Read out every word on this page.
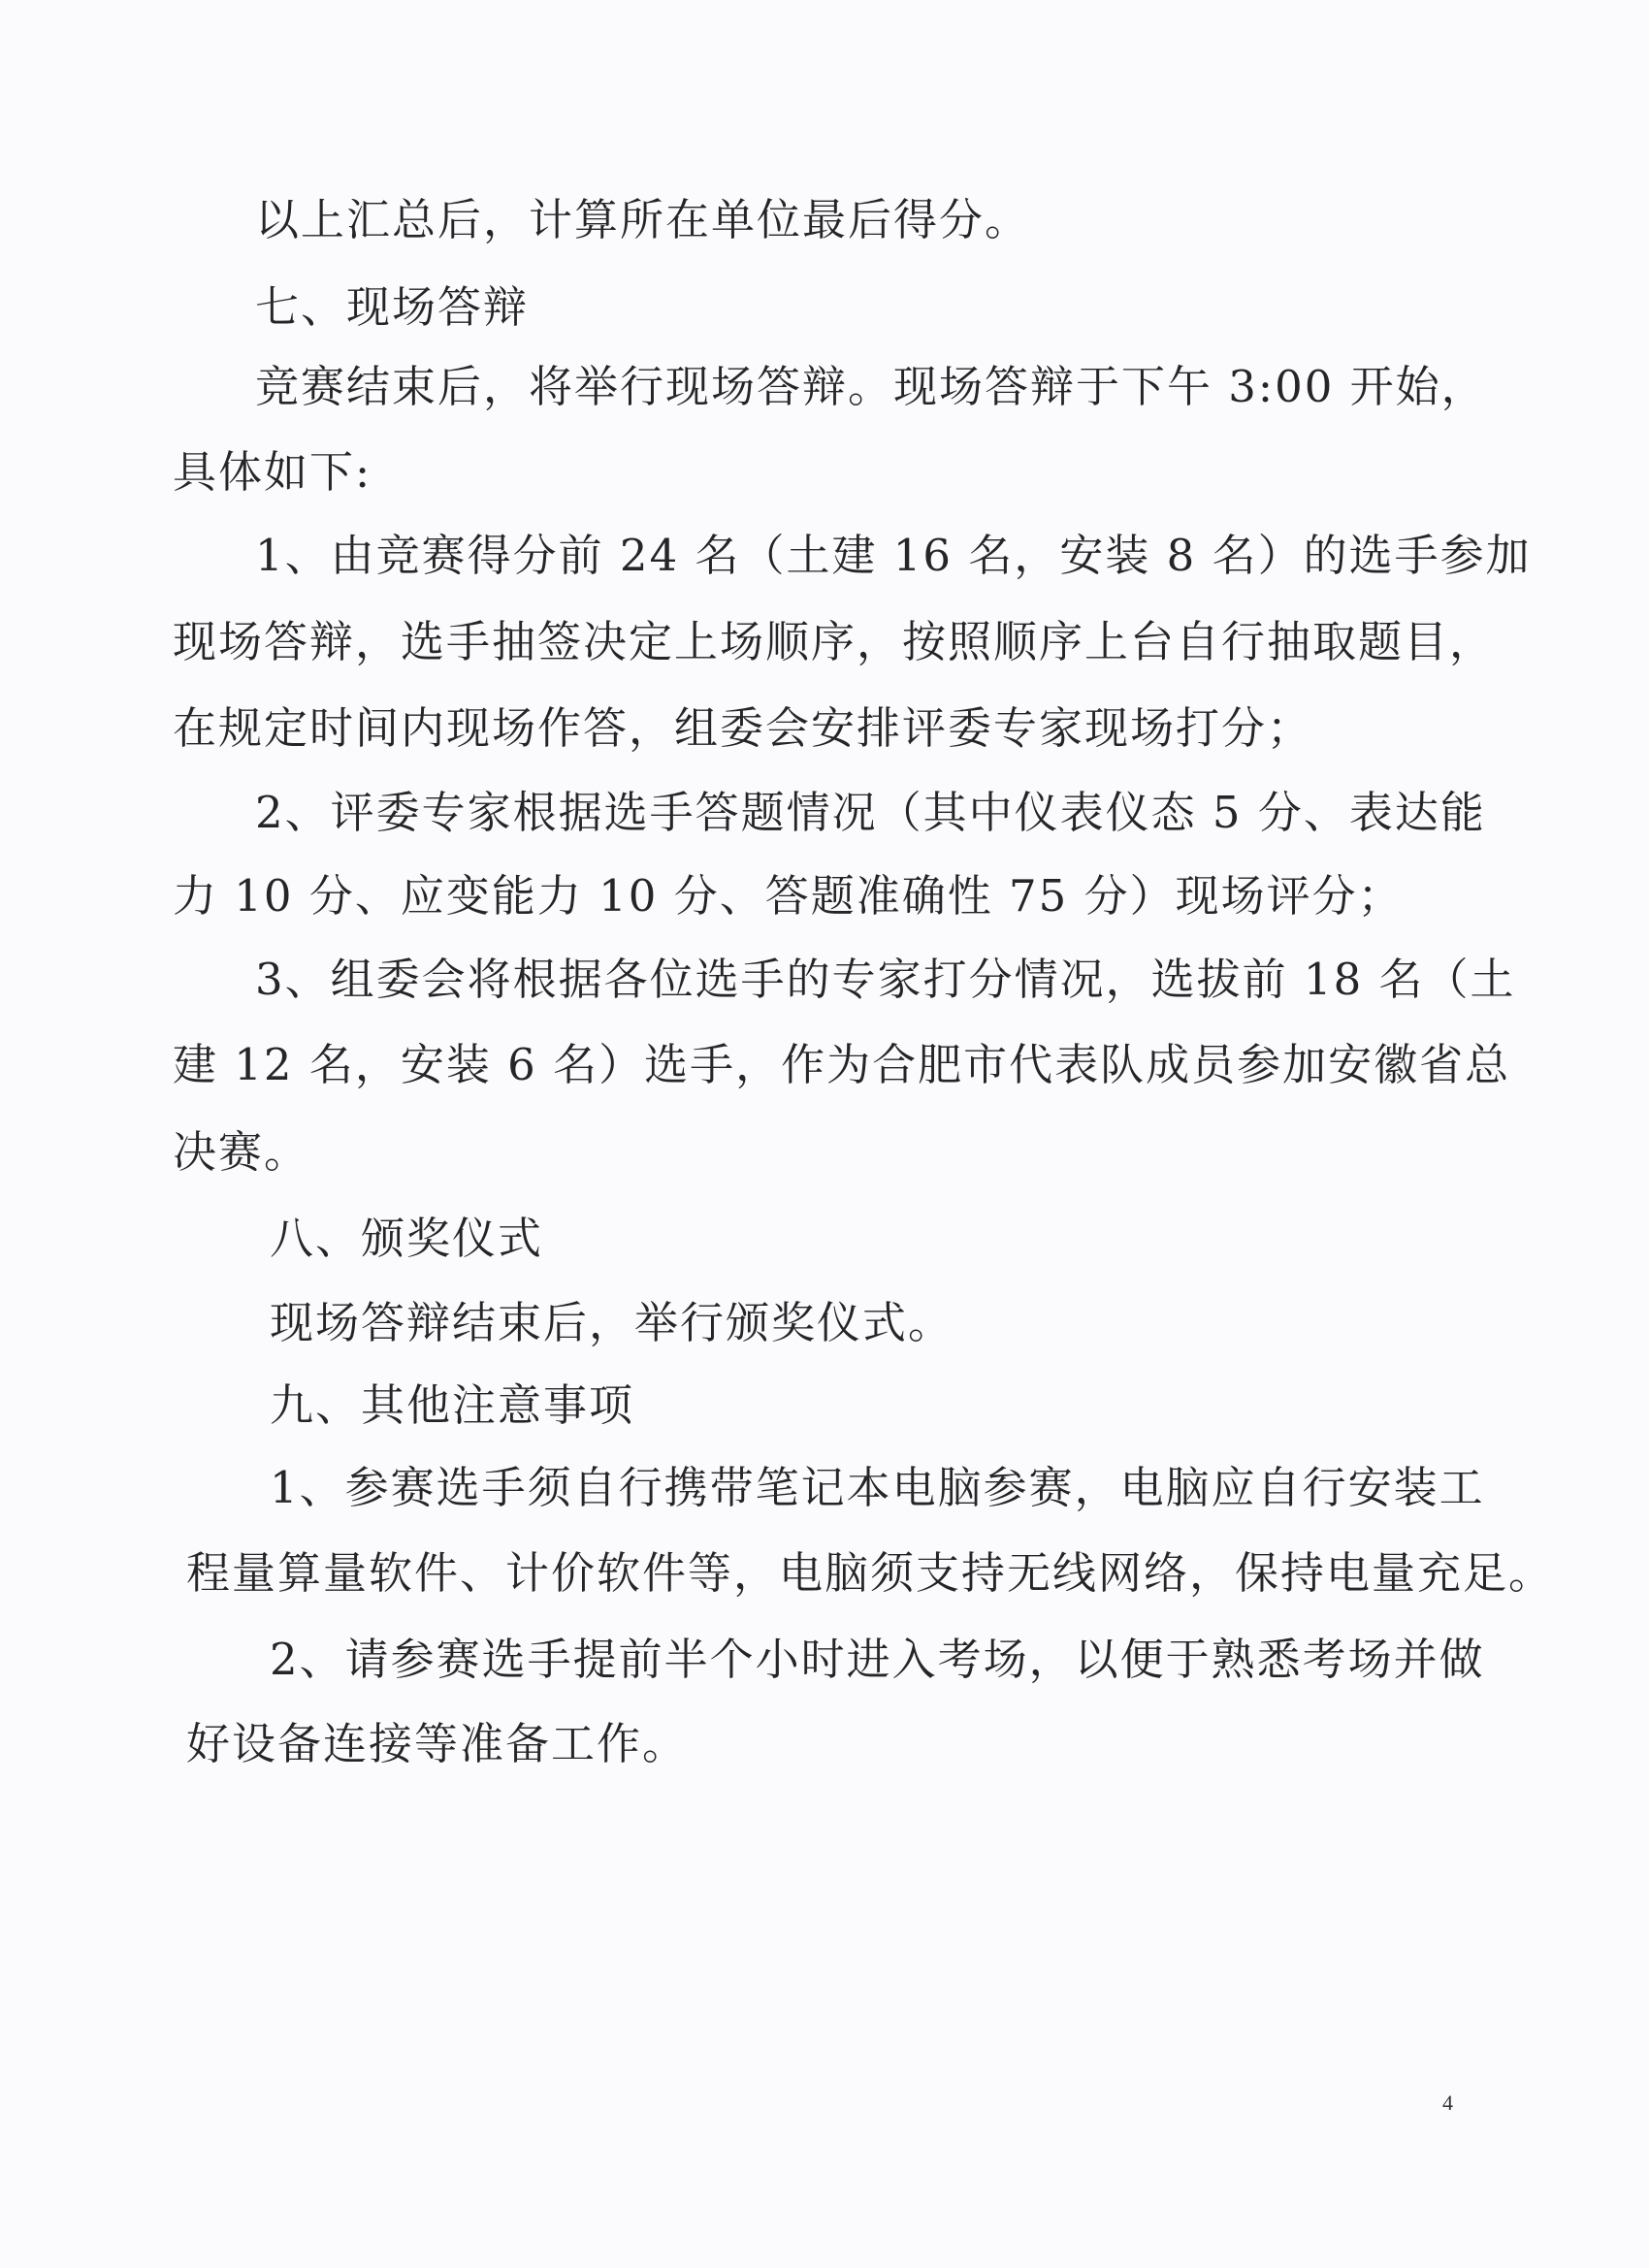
以上汇总后，计算所在单位最后得分。
七、现场答辩
竞赛结束后，将举行现场答辩。现场答辩于下午 3:00 开始，
具体如下:
1、由竞赛得分前 24 名（土建 16 名，安装 8 名）的选手参加
现场答辩，选手抽签决定上场顺序，按照顺序上台自行抽取题目，
在规定时间内现场作答，组委会安排评委专家现场打分；
2、评委专家根据选手答题情况（其中仪表仪态 5 分、表达能
力 10 分、应变能力 10 分、答题准确性 75 分）现场评分；
3、组委会将根据各位选手的专家打分情况，选拔前 18 名（土
建 12 名，安装 6 名）选手，作为合肥市代表队成员参加安徽省总
决赛。
八、颁奖仪式
现场答辩结束后，举行颁奖仪式。
九、其他注意事项
1、参赛选手须自行携带笔记本电脑参赛，电脑应自行安装工
程量算量软件、计价软件等，电脑须支持无线网络，保持电量充足。
2、请参赛选手提前半个小时进入考场，以便于熟悉考场并做
好设备连接等准备工作。
4
